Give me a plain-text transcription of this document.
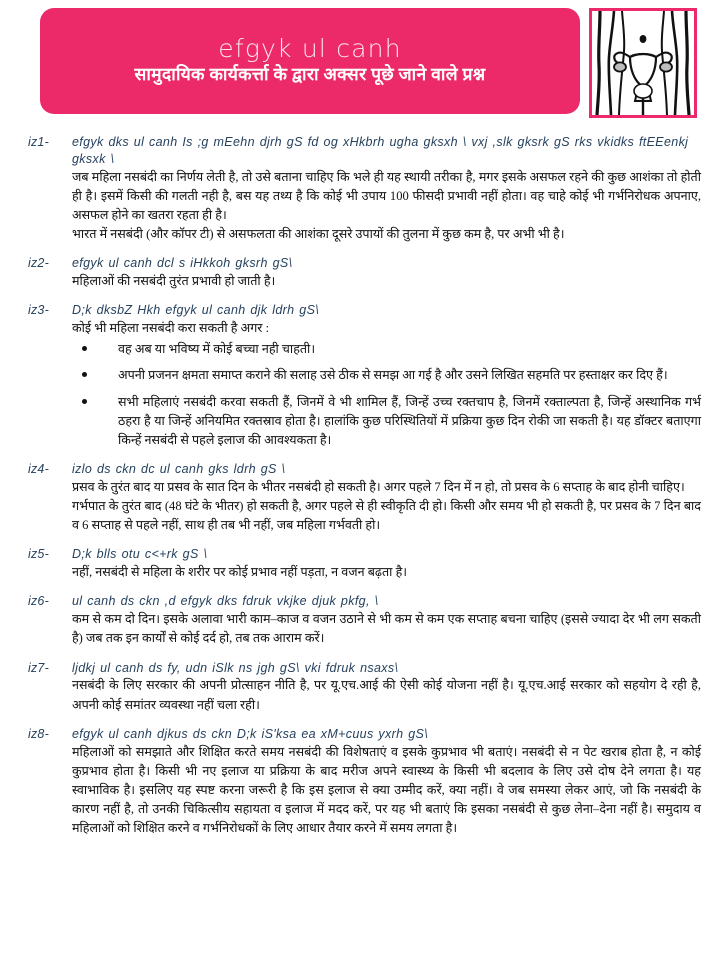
efgyk ul canh
सामुदायिक कार्यकर्त्ता के द्वारा अक्सर पूछे जाने वाले प्रश्न
iz1-	efgyk dks ul canh Is ;g mEehn djrh gS fd og xHkbrh ugha gksxh \ vxj ,slk gksrk gS rks vkidks ftEEenkj gksxk \

जब महिला नसबंदी का निर्णय लेती है, तो उसे बताना चाहिए कि भले ही यह स्थायी तरीका है, मगर इसके असफल रहने की कुछ आशंका तो होती ही है। इसमें किसी की गलती नही है, बस यह तथ्य है कि कोई भी उपाय 100 फीसदी प्रभावी नहीं होता। वह चाहे कोई भी गर्भनिरोधक अपनाए, असफल होने का खतरा रहता ही है।

भारत में नसबंदी (और कॉपर टी) से असफलता की आशंका दूसरे उपायों की तुलना में कुछ कम है, पर अभी भी है।

iz2-	efgyk ul canh dcl s iHkkoh gksrh gS\

महिलाओं की नसबंदी तुरंत प्रभावी हो जाती है।

iz3-	D;k dksbZ Hkh efgyk ul canh djk ldrh gS\

कोई भी महिला नसबंदी करा सकती है अगर :

वह अब या भविष्य में कोई बच्चा नही चाहती।
अपनी प्रजनन क्षमता समाप्त कराने की सलाह उसे ठीक से समझ आ गई है और उसने लिखित सहमति पर हस्ताक्षर कर दिए हैं।
सभी महिलाएं नसबंदी करवा सकती हैं, जिनमें वे भी शामिल हैं, जिन्हें उच्च रक्तचाप है, जिनमें रक्ताल्पता है, जिन्हें अस्थानिक गर्भ ठहरा है या जिन्हें अनियमित रक्तस्राव होता है। हालांकि कुछ परिस्थितियों में प्रक्रिया कुछ दिन रोकी जा सकती है। यह डॉक्टर बताएगा किन्हें नसबंदी से पहले इलाज की आवश्यकता है।
iz4-	izlo ds ckn dc ul canh gks ldrh gS \

प्रसव के तुरंत बाद या प्रसव के सात दिन के भीतर नसबंदी हो सकती है। अगर पहले 7 दिन में न हो, तो प्रसव के 6 सप्ताह के बाद होनी चाहिए।

गर्भपात के तुरंत बाद (48 घंटे के भीतर) हो सकती है, अगर पहले से ही स्वीकृति दी हो। किसी और समय भी हो सकती है, पर प्रसव के 7 दिन बाद व 6 सप्ताह से पहले नहीं, साथ ही तब भी नहीं, जब महिला गर्भवती हो।

iz5-	D;k blls otu c<+rk gS \

नहीं, नसबंदी से महिला के शरीर पर कोई प्रभाव नहीं पड़ता, न वजन बढ़ता है।

iz6-	ul canh ds ckn ,d efgyk dks fdruk vkjke djuk pkfg, \

कम से कम दो दिन। इसके अलावा भारी काम–काज व वजन उठाने से भी कम से कम एक सप्ताह बचना चाहिए (इससे ज्यादा देर भी लग सकती है) जब तक इन कार्यों से कोई दर्द हो, तब तक आराम करें।

iz7-	ljdkj ul canh ds fy, udn iSlk ns jgh gS\ vki fdruk nsaxs\

नसबंदी के लिए सरकार की अपनी प्रोत्साहन नीति है, पर यू.एच.आई की ऐसी कोई योजना नहीं है। यू.एच.आई सरकार को सहयोग दे रही है, अपनी कोई समांतर व्यवस्था नहीं चला रही।

iz8-	efgyk ul canh djkus ds ckn D;k iS'ksa ea xM+cuus yxrh gS\

महिलाओं को समझाते और शिक्षित करते समय नसबंदी की विशेषताएं व इसके कुप्रभाव भी बताएं। नसबंदी से न पेट खराब होता है, न कोई कुप्रभाव होता है। किसी भी नए इलाज या प्रक्रिया के बाद मरीज अपने स्वास्थ्य के किसी भी बदलाव के लिए उसे दोष देने लगता है। यह स्वाभाविक है। इसलिए यह स्पष्ट करना जरूरी है कि इस इलाज से क्या उम्मीद करें, क्या नहीं। वे जब समस्या लेकर आएं, जो कि नसबंदी के कारण नहीं है, तो उनकी चिकित्सीय सहायता व इलाज में मदद करें, पर यह भी बताएं कि इसका नसबंदी से कुछ लेना–देना नहीं है। समुदाय व महिलाओं को शिक्षित करने व गर्भनिरोधकों के लिए आधार तैयार करने में समय लगता है।
